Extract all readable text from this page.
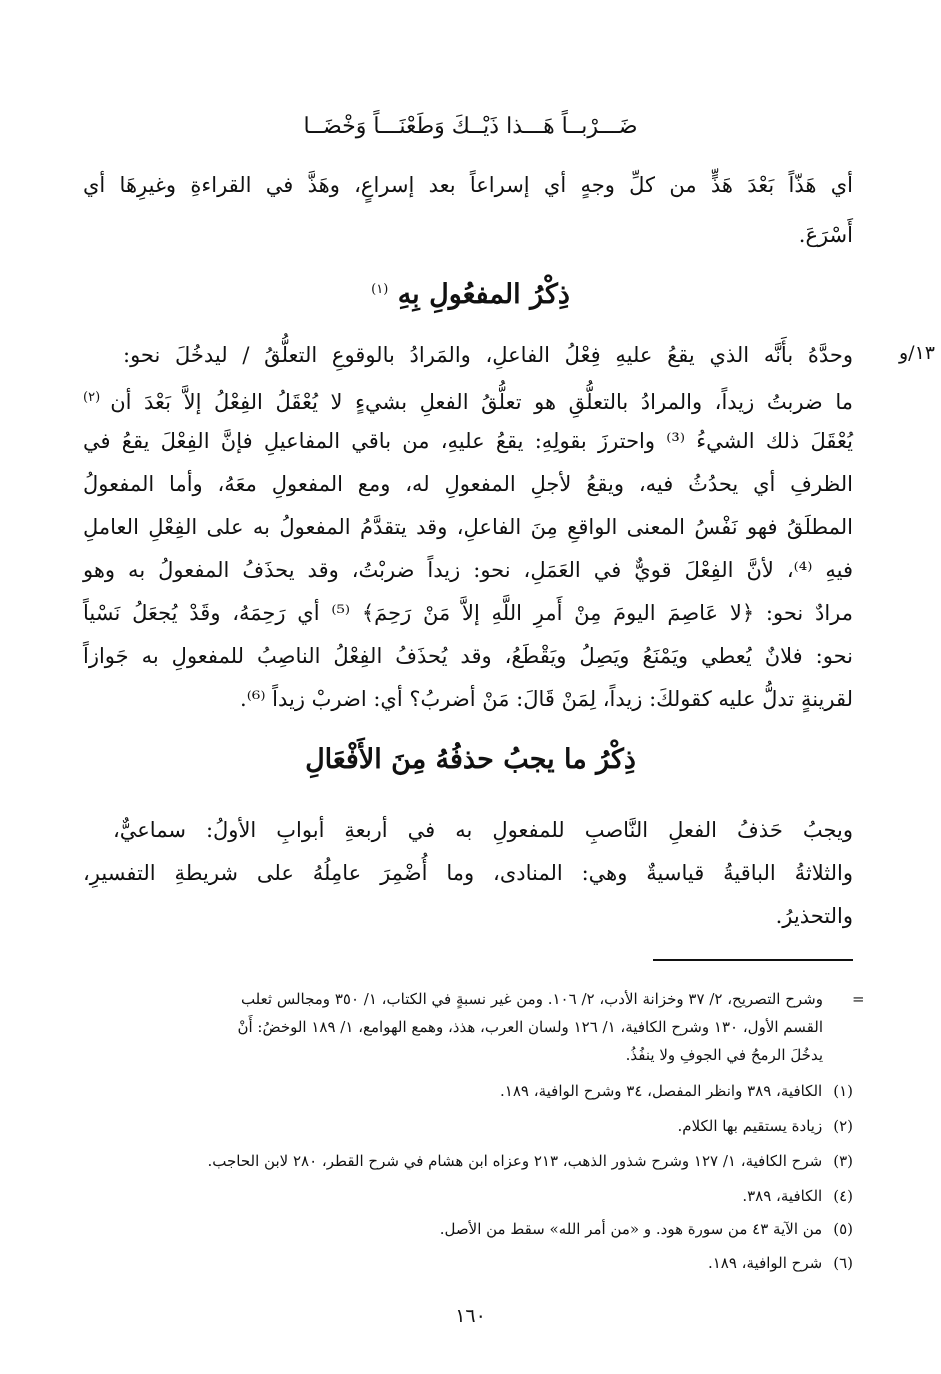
ضَـــرْبــاً هَـــذا ذَيْــكَ وَطَعْنَـــاً وَخْضَــا
أي هَذّاً بَعْدَ هَذٍّ من كلِّ وجهٍ أي إسراعاً بعد إسراعٍ، وهَذَّ في القراءةِ وغيرِهَا أي
أَسْرَعَ.
ذِكْرُ المفعُولِ بِهِ $^{(١)}$
١٣/و
وحدَّهُ بأَنَّه الذي يقعُ عليهِ فِعْلُ الفاعلِ، والمَرادُ بالوقوعِ التعلُّقُ / ليدخُلَ نحو:
ما ضربتُ زيداً، والمرادُ بالتعلُّقِ هو تعلُّقُ الفعلِ بشيءٍ لا يُعْقَلُ الفِعْلُ إلاَّ بَعْدَ أن $^{(٢)}$
يُعْقَلَ ذلك الشيءُ ⁽³⁾ واحترزَ بقولِهِ: يقعُ عليهِ، من باقي المفاعيلِ فإنَّ الفِعْلَ يقعُ في
الظرفِ أي يحدُثُ فيه، ويقعُ لأجلِ المفعولِ له، ومع المفعولِ معَهُ، وأما المفعولُ
المطلَقُ فهو نَفْسُ المعنى الواقعِ مِنَ الفاعلِ، وقد يتقدَّمُ المفعولُ به على الفِعْلِ العاملِ
فيهِ ⁽⁴⁾، لأنَّ الفِعْلَ قويٌّ في العَمَلِ، نحو: زيداً ضربْتُ، وقد يحذَفُ المفعولُ به وهو
مرادٌ نحو: ﴿لا عَاصِمَ اليومَ مِنْ أَمرِ اللَّهِ إلاَّ مَنْ رَحِمَ﴾ ⁽⁵⁾ أي رَحِمَهُ، وقَدْ يُجعَلُ نَسْياً
نحو: فلانٌ يُعطي ويَمْنَعُ ويَصِلُ ويَقْطَعُ، وقد يُحذَفُ الفِعْلُ الناصِبُ للمفعولِ به جَوازاً
لقرينةٍ تدلُّ عليه كقولكَ: زيداً، لِمَنْ قَالَ: مَنْ أضربُ؟ أي: اضربْ زيداً ⁽⁶⁾.
ذِكْرُ ما يجبُ حذفُهُ مِنَ الأَفْعَالِ
ويجبُ حَذفُ الفعلِ النَّاصبِ للمفعولِ به في أربعةِ أبوابِ الأولُ: سماعيٌّ،
والثلاثةُ الباقيةُ قياسيةٌ وهي: المنادى، وما أُضْمِرَ عامِلُهُ على شريطةِ التفسيرِ،
والتحذيرُ.
=
وشرح التصريح، ٢/ ٣٧ وخزانة الأدب، ٢/ ١٠٦. ومن غير نسبةٍ في الكتاب، ١/ ٣٥٠ ومجالس ثعلب
القسم الأول، ١٣٠ وشرح الكافية، ١/ ١٢٦ ولسان العرب، هذذ، وهمع الهوامع، ١/ ١٨٩ الوخضُ: أَنْ
يدخُلَ الرمحُ في الجوفِ ولا ينفُذُ.
(١) الكافية، ٣٨٩ وانظر المفصل، ٣٤ وشرح الوافية، ١٨٩.
(٢) زيادة يستقيم بها الكلام.
(٣) شرح الكافية، ١/ ١٢٧ وشرح شذور الذهب، ٢١٣ وعزاه ابن هشام في شرح القطر، ٢٨٠ لابن الحاجب.
(٤) الكافية، ٣٨٩.
(٥) من الآية ٤٣ من سورة هود. و «من أمر الله» سقط من الأصل.
(٦) شرح الوافية، ١٨٩.
١٦٠
